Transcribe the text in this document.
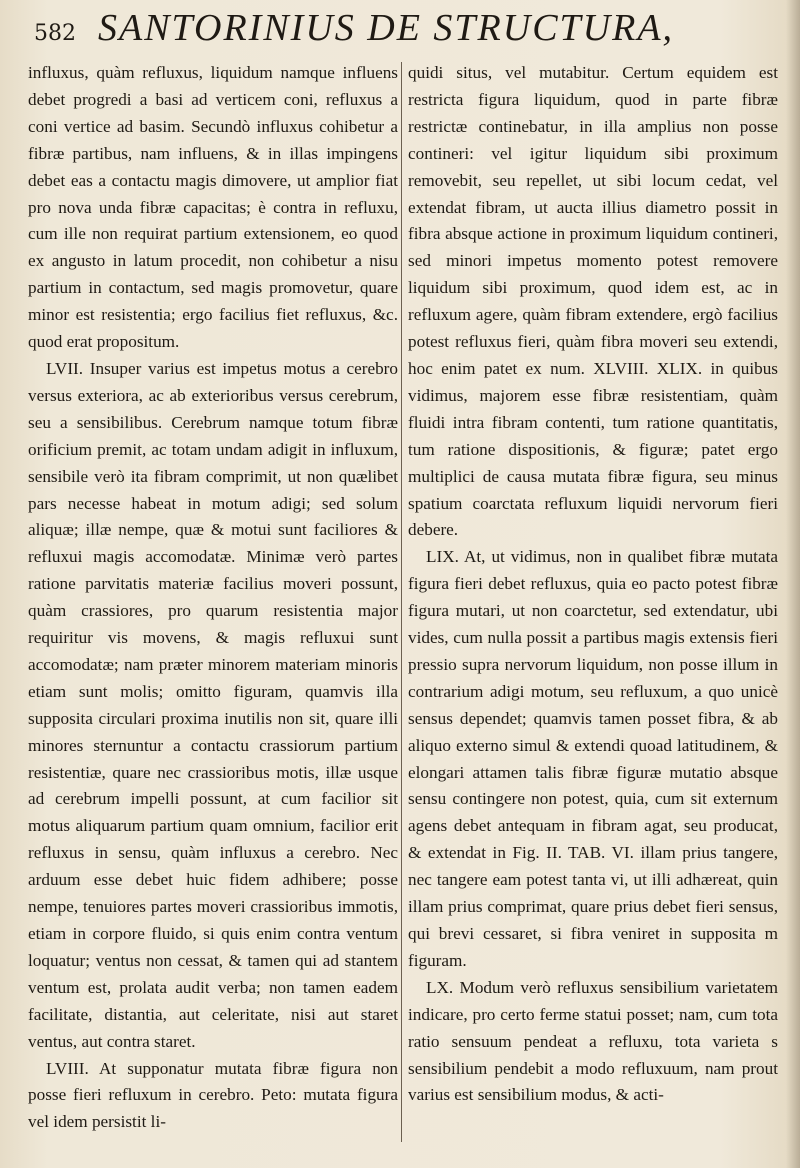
582 SANTORINIUS DE STRUCTURA,

influxus, quàm refluxus, liquidum namque influens debet progredi a basi ad verticem coni, refluxus a coni vertice ad basim. Secundò influxus cohibetur a fibræ partibus, nam influens, & in illas impingens debet eas a contactu magis dimovere, ut amplior fiat pro nova unda fibræ capacitas; è contra in refluxu, cum ille non requirat partium extensionem, eo quod ex angusto in latum procedit, non cohibetur a nisu partium in contactum, sed magis promovetur, quare minor est resistentia; ergo facilius fiet refluxus, &c. quod erat propositum.

LVII. Insuper varius est impetus motus a cerebro versus exteriora, ac ab exterioribus versus cerebrum, seu a sensibilibus. Cerebrum namque totum fibræ orificium premit, ac totam undam adigit in influxum, sensibile verò ita fibram comprimit, ut non quælibet pars necesse habeat in motum adigi; sed solum aliquæ; illæ nempe, quæ & motui sunt faciliores & refluxui magis accomodatæ. Minimæ verò partes ratione parvitatis materiæ facilius moveri possunt, quàm crassiores, pro quarum resistentia major requiritur vis movens, & magis refluxui sunt accomodatæ; nam præter minorem materiam minoris etiam sunt molis; omitto figuram, quamvis illa supposita circulari proxima inutilis non sit, quare illi minores sternuntur a contactu crassiorum partium resistentiæ, quare nec crassioribus motis, illæ usque ad cerebrum impelli possunt, at cum facilior sit motus aliquarum partium quam omnium, facilior erit refluxus in sensu, quàm influxus a cerebro. Nec arduum esse debet huic fidem adhibere; posse nempe, tenuiores partes moveri crassioribus immotis, etiam in corpore fluido, si quis enim contra ventum loquatur; ventus non cessat, & tamen qui ad stantem ventum est, prolata audit verba; non tamen eadem facilitate, distantia, aut celeritate, nisi aut staret ventus, aut contra staret.

LVIII. At supponatur mutata fibræ figura non posse fieri refluxum in cerebro. Peto: mutata figura vel idem persistit li-

quidi situs, vel mutabitur. Certum equidem est restricta figura liquidum, quod in parte fibræ restrictæ continebatur, in illa amplius non posse contineri: vel igitur liquidum sibi proximum removebit, seu repellet, ut sibi locum cedat, vel extendat fibram, ut aucta illius diametro possit in fibra absque actione in proximum liquidum contineri, sed minori impetus momento potest removere liquidum sibi proximum, quod idem est, ac in refluxum agere, quàm fibram extendere, ergò facilius potest refluxus fieri, quàm fibra moveri seu extendi, hoc enim patet ex num. XLVIII. XLIX. in quibus vidimus, majorem esse fibræ resistentiam, quàm fluidi intra fibram contenti, tum ratione quantitatis, tum ratione dispositionis, & figuræ; patet ergo multiplici de causa mutata fibræ figura, seu minus spatium coarctata refluxum liquidi nervorum fieri debere.

LIX. At, ut vidimus, non in qualibet fibræ mutata figura fieri debet refluxus, quia eo pacto potest fibræ figura mutari, ut non coarctetur, sed extendatur, ubi vides, cum nulla possit a partibus magis extensis fieri pressio supra nervorum liquidum, non posse illum in contrarium adigi motum, seu refluxum, a quo unicè sensus dependet; quamvis tamen posset fibra, & ab aliquo externo simul & extendi quoad latitudinem, & elongari attamen talis fibræ figuræ mutatio absque sensu contingere non potest, quia, cum sit externum agens debet antequam in fibram agat, seu producat, & extendat in Fig. II. TAB. VI. illam prius tangere, nec tangere eam potest tanta vi, ut illi adhæreat, quin illam prius comprimat, quare prius debet fieri sensus, qui brevi cessaret, si fibra veniret in supposita m figuram.

LX. Modum verò refluxus sensibilium varietatem indicare, pro certo ferme statui posset; nam, cum tota ratio sensuum pendeat a refluxu, tota varieta s sensibilium pendebit a modo refluxuum, nam prout varius est sensibilium modus, & acti-
